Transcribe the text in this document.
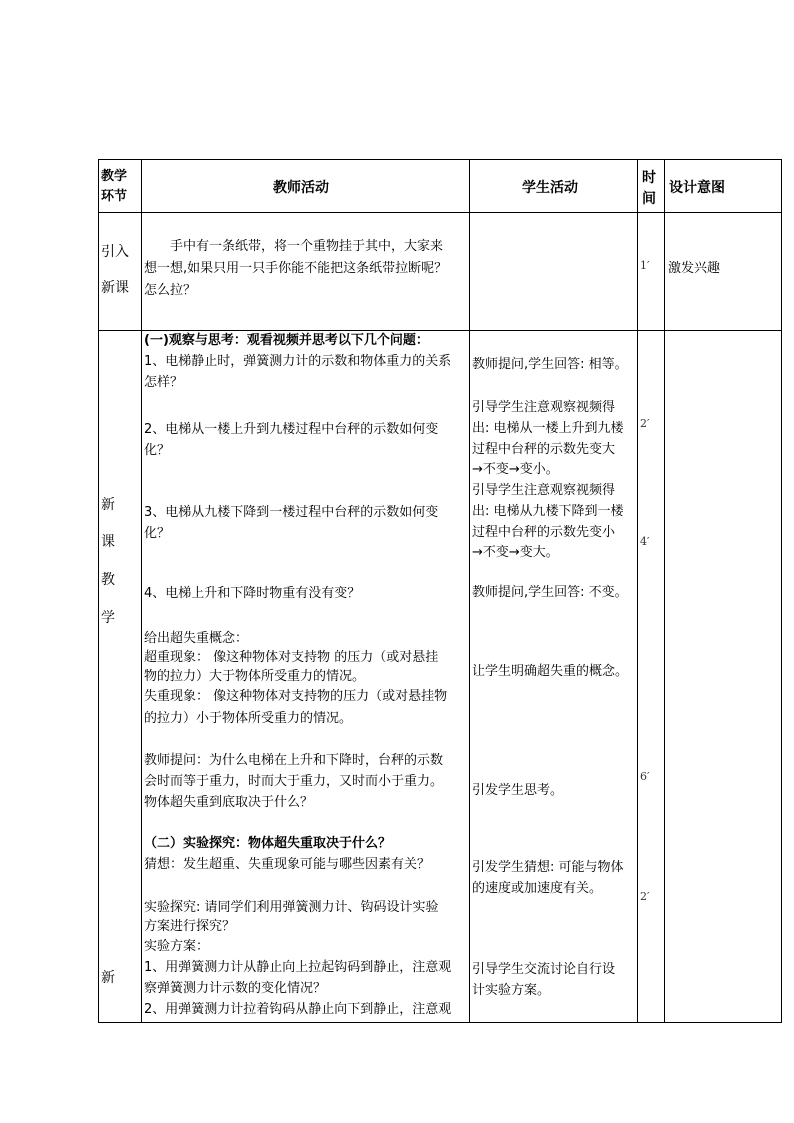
教学
环节
教师活动	学生活动
时
间
设计意图
引入
新课
手中有一条纸带，将一个重物挂于其中，大家来
想一想,如果只用一只手你能不能把这条纸带拉断呢？
怎么拉？
1′ 激发兴趣
新
课
教
学
新
(一)观察与思考：观看视频并思考以下几个问题：
1、电梯静止时，弹簧测力计的示数和物体重力的关系
怎样？
2、电梯从一楼上升到九楼过程中台秤的示数如何变
化？
3、电梯从九楼下降到一楼过程中台秤的示数如何变
化？
4、电梯上升和下降时物重有没有变？
给出超失重概念：
超重现象： 像这种物体对支持物 的压力（或对悬挂
物的拉力）大于物体所受重力的情况。
失重现象： 像这种物体对支持物的压力（或对悬挂物
的拉力）小于物体所受重力的情况。
教师提问：为什么电梯在上升和下降时，台秤的示数
会时而等于重力，时而大于重力，又时而小于重力。
物体超失重到底取决于什么？
（二）实验探究：物体超失重取决于什么？
猜想：发生超重、失重现象可能与哪些因素有关？
实验探究: 请同学们利用弹簧测力计、钩码设计实验
方案进行探究？
实验方案：
1、用弹簧测力计从静止向上拉起钩码到静止，注意观
察弹簧测力计示数的变化情况？
2、用弹簧测力计拉着钩码从静止向下到静止，注意观
教师提问,学生回答: 相等。
引导学生注意观察视频得
出: 电梯从一楼上升到九楼
过程中台秤的示数先变大
→不变→变小。
引导学生注意观察视频得
出: 电梯从九楼下降到一楼
过程中台秤的示数先变小
→不变→变大。
教师提问,学生回答: 不变。
让学生明确超失重的概念。
引发学生思考。
引发学生猜想: 可能与物体
的速度或加速度有关。
引导学生交流讨论自行设
计实验方案。
2′
4′
6′
2′
